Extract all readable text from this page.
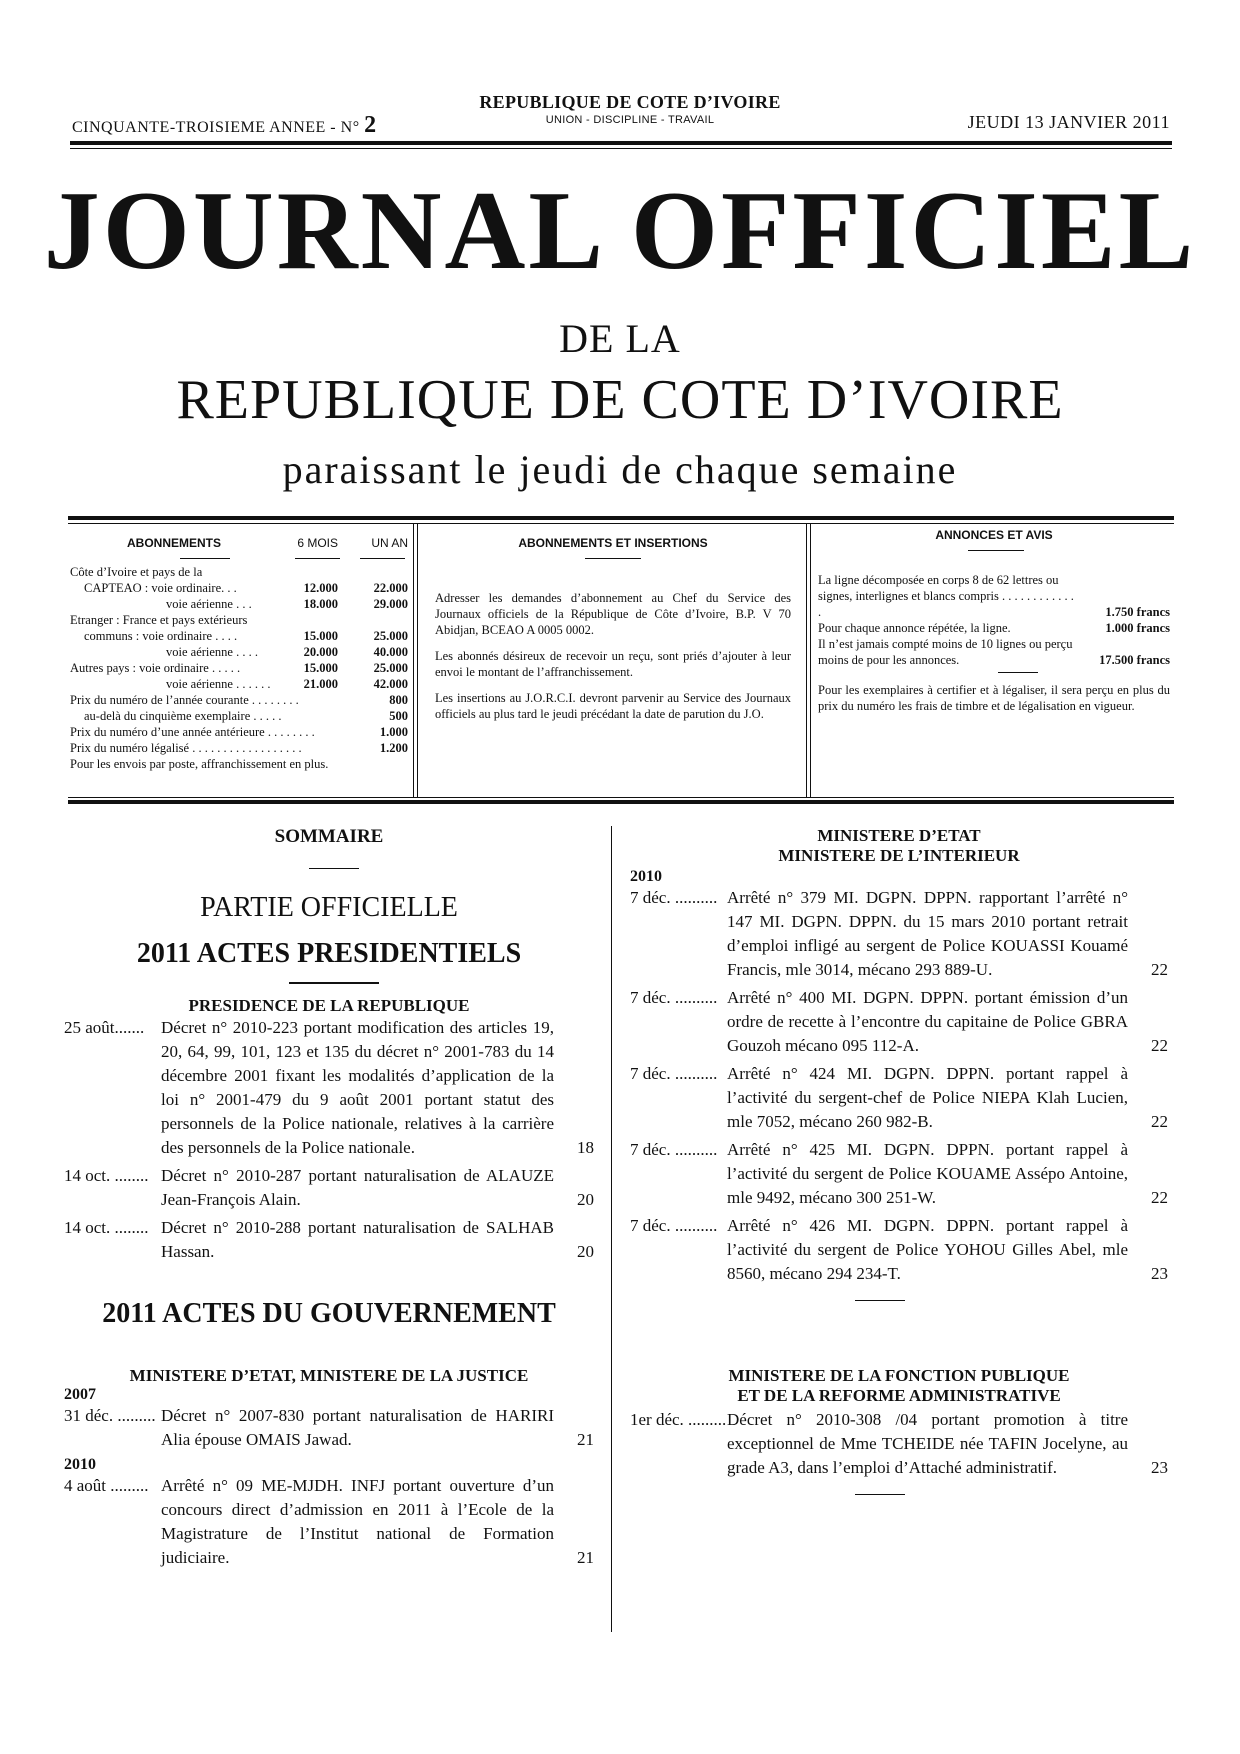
CINQUANTE-TROISIEME ANNEE - N° 2
REPUBLIQUE DE COTE D’IVOIRE
UNION - DISCIPLINE - TRAVAIL	JEUDI 13 JANVIER 2011
JOURNAL OFFICIEL
DE LA
REPUBLIQUE DE COTE D’IVOIRE
paraissant le jeudi de chaque semaine
ABONNEMENTS	6 MOIS	UN AN
Côte d’Ivoire et pays de la
CAPTEAO : voie ordinaire. . .	12.000	22.000
voie aérienne . . .	18.000	29.000
Etranger : France et pays extérieurs
communs : voie ordinaire . . . .	15.000	25.000
voie aérienne . . . .	20.000	40.000
Autres pays : voie ordinaire . . . . .	15.000	25.000
voie aérienne . . . . . .	21.000	42.000
Prix du numéro de l’année courante . . . . . . . .	800
au-delà du cinquième exemplaire . . . . .	500
Prix du numéro d’une année antérieure . . . . . . . .	1.000
Prix du numéro légalisé . . . . . . . . . . . . . . . . . .	1.200
Pour les envois par poste, affranchissement en plus.
ABONNEMENTS ET INSERTIONS
Adresser les demandes d’abonnement au Chef du Service des Journaux officiels de la République de Côte d’Ivoire, B.P. V 70 Abidjan, BCEAO A 0005 0002.
Les abonnés désireux de recevoir un reçu, sont priés d’ajouter à leur envoi le montant de l’affranchissement.
Les insertions au J.O.R.C.I. devront parvenir au Service des Journaux officiels au plus tard le jeudi précédant la date de parution du J.O.
ANNONCES ET AVIS
La ligne décomposée en corps 8 de 62 lettres ou signes, interlignes et blancs compris . . . . . . . . . . . . .	1.750 francs
Pour chaque annonce répétée, la ligne.	1.000 francs
Il n’est jamais compté moins de 10 lignes ou perçu moins de pour les annonces.	17.500 francs
Pour les exemplaires à certifier et à légaliser, il sera perçu en plus du prix du numéro les frais de timbre et de légalisation en vigueur.
SOMMAIRE
PARTIE OFFICIELLE
2011 ACTES PRESIDENTIELS
PRESIDENCE DE LA REPUBLIQUE
25 août....... Décret n° 2010-223 portant modification des articles 19, 20, 64, 99, 101, 123 et 135 du décret n° 2001-783 du 14 décembre 2001 fixant les modalités d’application de la loi n° 2001-479 du 9 août 2001 portant statut des personnels de la Police nationale, relatives à la carrière des personnels de la Police nationale.	18
14 oct. ........ Décret n° 2010-287 portant naturalisation de ALAUZE Jean-François Alain.	20
14 oct. ........ Décret n° 2010-288 portant naturalisation de SALHAB Hassan.	20
2011 ACTES DU GOUVERNEMENT
MINISTERE D’ETAT, MINISTERE DE LA JUSTICE
2007
31 déc. ......... Décret n° 2007-830 portant naturalisation de HARIRI Alia épouse OMAIS Jawad.	21
2010
4 août ......... Arrêté n° 09 ME-MJDH. INFJ portant ouverture d’un concours direct d’admission en 2011 à l’Ecole de la Magistrature de l’Institut national de Formation judiciaire.	21
MINISTERE D’ETAT
MINISTERE DE L’INTERIEUR
2010
7 déc. .......... Arrêté n° 379 MI. DGPN. DPPN. rapportant l’arrêté n° 147 MI. DGPN. DPPN. du 15 mars 2010 portant retrait d’emploi infligé au sergent de Police KOUASSI Kouamé Francis, mle 3014, mécano 293 889-U.	22
7 déc. .......... Arrêté n° 400 MI. DGPN. DPPN. portant émission d’un ordre de recette à l’encontre du capitaine de Police GBRA Gouzoh mécano 095 112-A.	22
7 déc. .......... Arrêté n° 424 MI. DGPN. DPPN. portant rappel à l’activité du sergent-chef de Police NIEPA Klah Lucien, mle 7052, mécano 260 982-B.	22
7 déc. .......... Arrêté n° 425 MI. DGPN. DPPN. portant rappel à l’activité du sergent de Police KOUAME Assépo Antoine, mle 9492, mécano 300 251-W.	22
7 déc. .......... Arrêté n° 426 MI. DGPN. DPPN. portant rappel à l’activité du sergent de Police YOHOU Gilles Abel, mle 8560, mécano 294 234-T.	23
MINISTERE DE LA FONCTION PUBLIQUE
ET DE LA REFORME ADMINISTRATIVE
1er déc. ......... Décret n° 2010-308 /04 portant promotion à titre exceptionnel de Mme TCHEIDE née TAFIN Jocelyne, au grade A3, dans l’emploi d’Attaché administratif.	23
